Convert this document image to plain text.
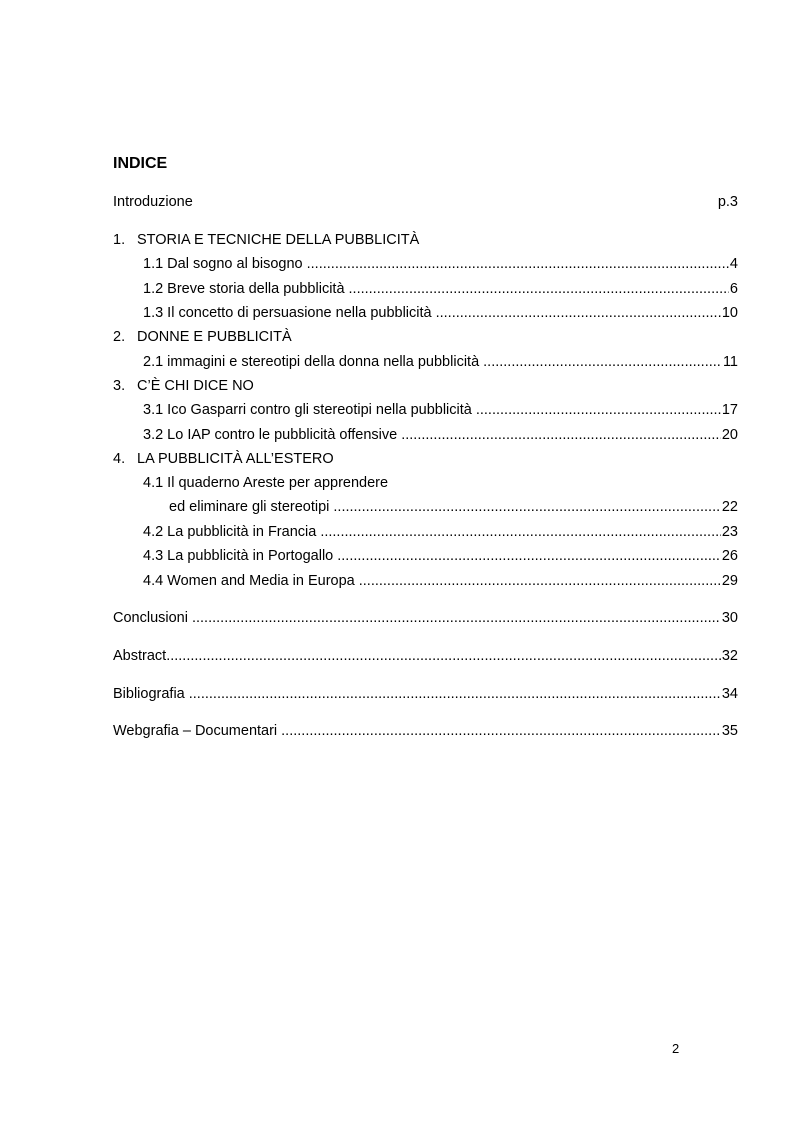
INDICE
Introduzione	p.3
1. STORIA E TECNICHE DELLA PUBBLICITÀ
1.1 Dal sogno al bisogno .....	4
1.2 Breve storia della pubblicità .....	6
1.3 Il concetto di persuasione nella pubblicità .....	10
2. DONNE E PUBBLICITÀ
2.1 immagini e stereotipi della donna nella pubblicità .....	11
3. C’È CHI DICE NO
3.1 Ico Gasparri contro gli stereotipi nella pubblicità .....	17
3.2 Lo IAP contro le pubblicità offensive .....	20
4. LA PUBBLICITÀ ALL’ESTERO
4.1 Il quaderno Areste per apprendere
ed eliminare gli stereotipi .....	22
4.2 La pubblicità in Francia .....	23
4.3 La pubblicità in Portogallo .....	26
4.4 Women and Media in Europa .....	29
Conclusioni .....	30
Abstract .....	32
Bibliografia .....	34
Webgrafia – Documentari .....	35
2
